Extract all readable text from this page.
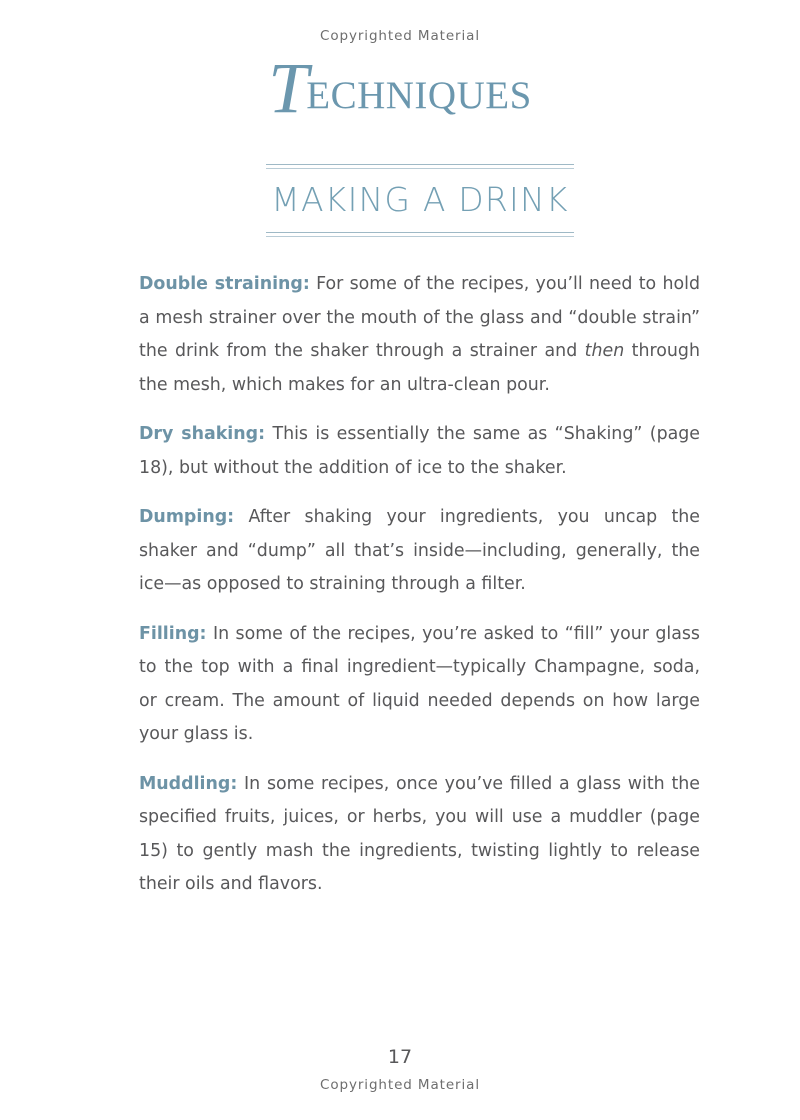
Copyrighted Material
Techniques
MAKING A DRINK

Double straining: For some of the recipes, you’ll need to hold a mesh strainer over the mouth of the glass and “double strain” the drink from the shaker through a strainer and then through the mesh, which makes for an ultra-clean pour.

Dry shaking: This is essentially the same as “Shaking” (page 18), but without the addition of ice to the shaker.

Dumping: After shaking your ingredients, you uncap the shaker and “dump” all that’s inside—including, generally, the ice—as opposed to straining through a filter.

Filling: In some of the recipes, you’re asked to “fill” your glass to the top with a final ingredient—typically Champagne, soda, or cream. The amount of liquid needed depends on how large your glass is.

Muddling: In some recipes, once you’ve filled a glass with the specified fruits, juices, or herbs, you will use a muddler (page 15) to gently mash the ingredients, twisting lightly to release their oils and flavors.

17
Copyrighted Material
